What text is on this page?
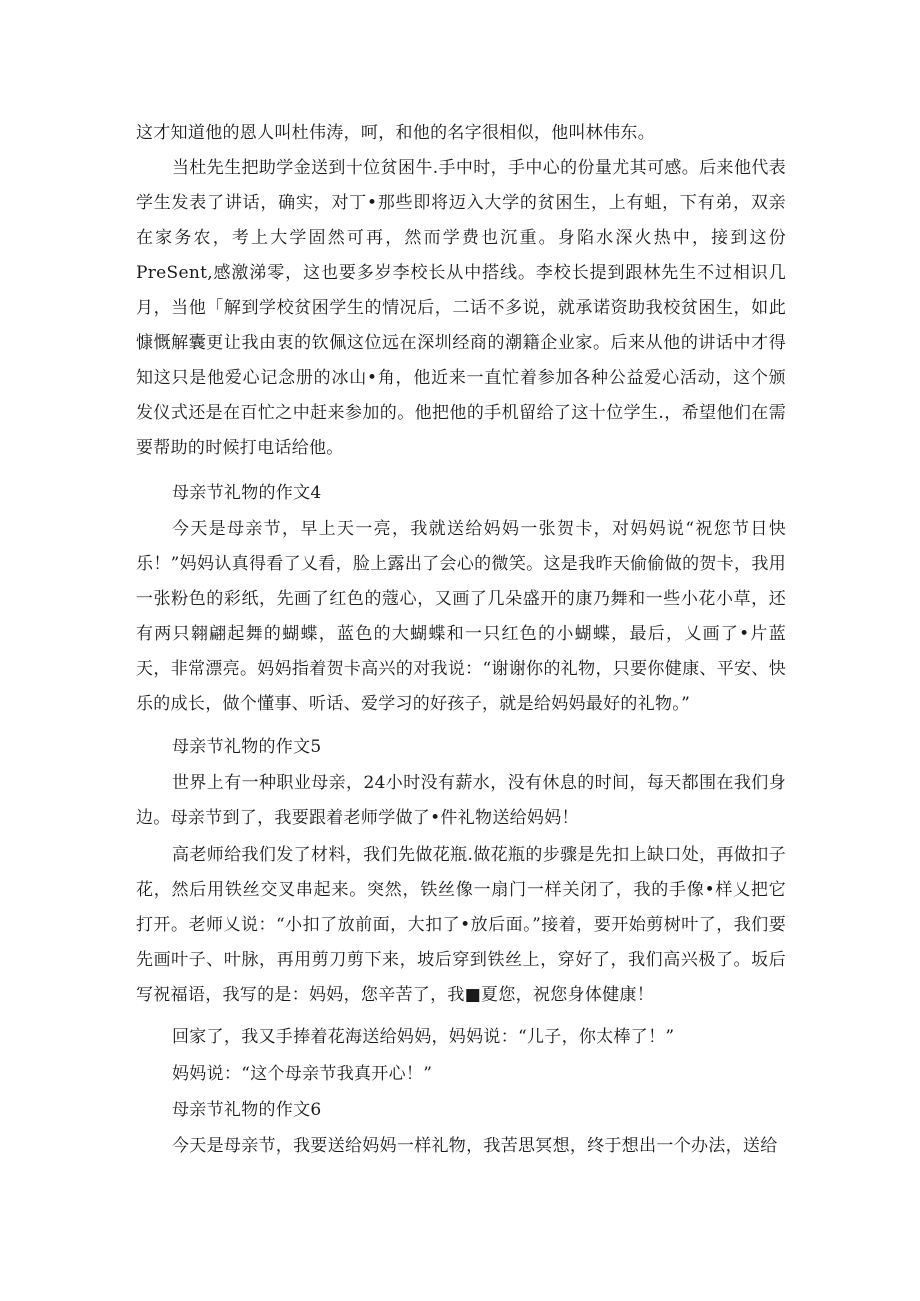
这才知道他的恩人叫杜伟涛，呵，和他的名字很相似，他叫林伟东。

当杜先生把助学金送到十位贫困牛.手中时，手中心的份量尤其可感。后来他代表学生发表了讲话，确实，对丁•那些即将迈入大学的贫困生，上有蛆，下有弟，双亲在家务农，考上大学固然可再，然而学费也沉重。身陷水深火热中，接到这份PreSent,感激涕零，这也要多岁李校长从中搭线。李校长提到跟林先生不过相识几月，当他「解到学校贫困学生的情况后，二话不多说，就承诺资助我校贫困生，如此慷慨解囊更让我由衷的钦佩这位远在深圳经商的潮籍企业家。后来从他的讲话中才得知这只是他爱心记念册的冰山•角，他近来一直忙着参加各种公益爱心活动，这个颁发仪式还是在百忙之中赶来参加的。他把他的手机留给了这十位学生.，希望他们在需要帮助的时候打电话给他。

母亲节礼物的作文4

今天是母亲节，早上天一亮，我就送给妈妈一张贺卡，对妈妈说“祝您节日快乐！”妈妈认真得看了乂看，脸上露出了会心的微笑。这是我昨天偷偷做的贺卡，我用一张粉色的彩纸，先画了红色的蔻心，又画了几朵盛开的康乃舞和一些小花小草，还有两只翱翩起舞的蝴蝶，蓝色的大蝴蝶和一只红色的小蝴蝶，最后，乂画了•片蓝天，非常漂亮。妈妈指着贺卡高兴的对我说：“谢谢你的礼物，只要你健康、平安、快乐的成长，做个懂事、听话、爱学习的好孩子，就是给妈妈最好的礼物。”

母亲节礼物的作文5

世界上有一种职业母亲，24小时没有薪水，没有休息的时间，每天都围在我们身边。母亲节到了，我要跟着老师学做了•件礼物送给妈妈！

高老师给我们发了材料，我们先做花瓶.做花瓶的步骤是先扣上缺口处，再做扣子花，然后用铁丝交叉串起来。突然，铁丝像一扇门一样关闭了，我的手像•样乂把它打开。老师乂说：“小扣了放前面，大扣了•放后面。”接着，要开始剪树叶了，我们要先画叶子、叶脉，再用剪刀剪下来，坡后穿到铁丝上，穿好了，我们高兴极了。坂后写祝福语，我写的是：妈妈，您辛苦了，我■夏您，祝您身体健康！

回家了，我又手捧着花海送给妈妈，妈妈说：“儿子，你太棒了！”

妈妈说：“这个母亲节我真开心！”

母亲节礼物的作文6

今天是母亲节，我要送给妈妈一样礼物，我苦思冥想，终于想出一个办法，送给
